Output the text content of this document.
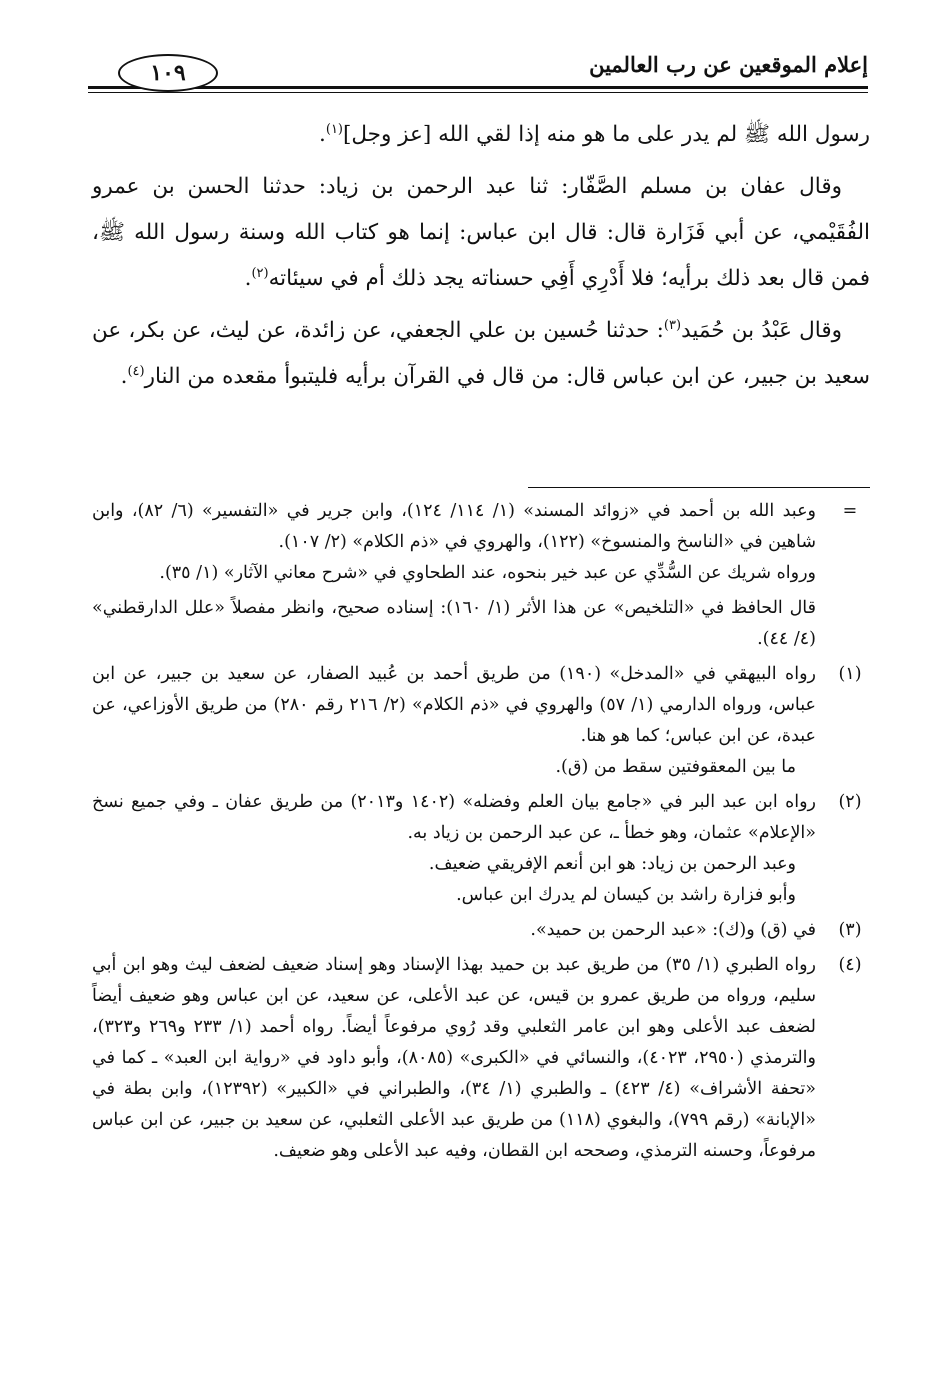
إعلام الموقعين عن رب العالمين
١٠٩

رسول الله ﷺ لم يدر على ما هو منه إذا لقي الله [عز وجل]$^{(١)}$.

وقال عفان بن مسلم الصَّفّار: ثنا عبد الرحمن بن زياد: حدثنا الحسن بن عمرو الفُقَيْمي، عن أبي فَزَارة قال: قال ابن عباس: إنما هو كتاب الله وسنة رسول الله ﷺ، فمن قال بعد ذلك برأيه؛ فلا أَدْرِي أَفِي حسناته يجد ذلك أم في سيئاته$^{(٢)}$.

وقال عَبْدُ بن حُمَيد$^{(٣)}$: حدثنا حُسين بن علي الجعفي، عن زائدة، عن ليث، عن بكر، عن سعيد بن جبير، عن ابن عباس قال: من قال في القرآن برأيه فليتبوأ مقعده من النار$^{(٤)}$.

=

وعبد الله بن أحمد في «زوائد المسند» (١/ ١١٤/ ١٢٤)، وابن جرير في «التفسير» (٦/ ٨٢)، وابن شاهين في «الناسخ والمنسوخ» (١٢٢)، والهروي في «ذم الكلام» (٢/ ١٠٧).

ورواه شريك عن السُّدِّي عن عبد خير بنحوه، عند الطحاوي في «شرح معاني الآثار» (١/ ٣٥).

قال الحافظ في «التلخيص» عن هذا الأثر (١/ ١٦٠): إسناده صحيح، وانظر مفصلاً «علل الدارقطني» (٤/ ٤٤).

(١)

رواه البيهقي في «المدخل» (١٩٠) من طريق أحمد بن عُبيد الصفار، عن سعيد بن جبير، عن ابن عباس، ورواه الدارمي (١/ ٥٧) والهروي في «ذم الكلام» (٢/ ٢١٦ رقم ٢٨٠) من طريق الأوزاعي، عن عبدة، عن ابن عباس؛ كما هو هنا.

ما بين المعقوفتين سقط من (ق).

(٢)

رواه ابن عبد البر في «جامع بيان العلم وفضله» (١٤٠٢ و٢٠١٣) من طريق عفان ـ وفي جميع نسخ «الإعلام» عثمان، وهو خطأ ـ، عن عبد الرحمن بن زياد به.

وعبد الرحمن بن زياد: هو ابن أنعم الإفريقي ضعيف.

وأبو فزارة راشد بن كيسان لم يدرك ابن عباس.

(٣)

في (ق) و(ك): «عبد الرحمن بن حميد».

(٤)

رواه الطبري (١/ ٣٥) من طريق عبد بن حميد بهذا الإسناد وهو إسناد ضعيف لضعف ليث وهو ابن أبي سليم، ورواه من طريق عمرو بن قيس، عن عبد الأعلى، عن سعيد، عن ابن عباس وهو ضعيف أيضاً لضعف عبد الأعلى وهو ابن عامر الثعلبي وقد رُوي مرفوعاً أيضاً. رواه أحمد (١/ ٢٣٣ و٢٦٩ و٣٢٣)، والترمذي (٢٩٥٠، ٤٠٢٣)، والنسائي في «الكبرى» (٨٠٨٥)، وأبو داود في «رواية ابن العبد» ـ كما في «تحفة الأشراف» (٤/ ٤٢٣) ـ والطبري (١/ ٣٤)، والطبراني في «الكبير» (١٢٣٩٢)، وابن بطة في «الإبانة» (رقم ٧٩٩)، والبغوي (١١٨) من طريق عبد الأعلى الثعلبي، عن سعيد بن جبير، عن ابن عباس مرفوعاً، وحسنه الترمذي، وصححه ابن القطان، وفيه عبد الأعلى وهو ضعيف.
